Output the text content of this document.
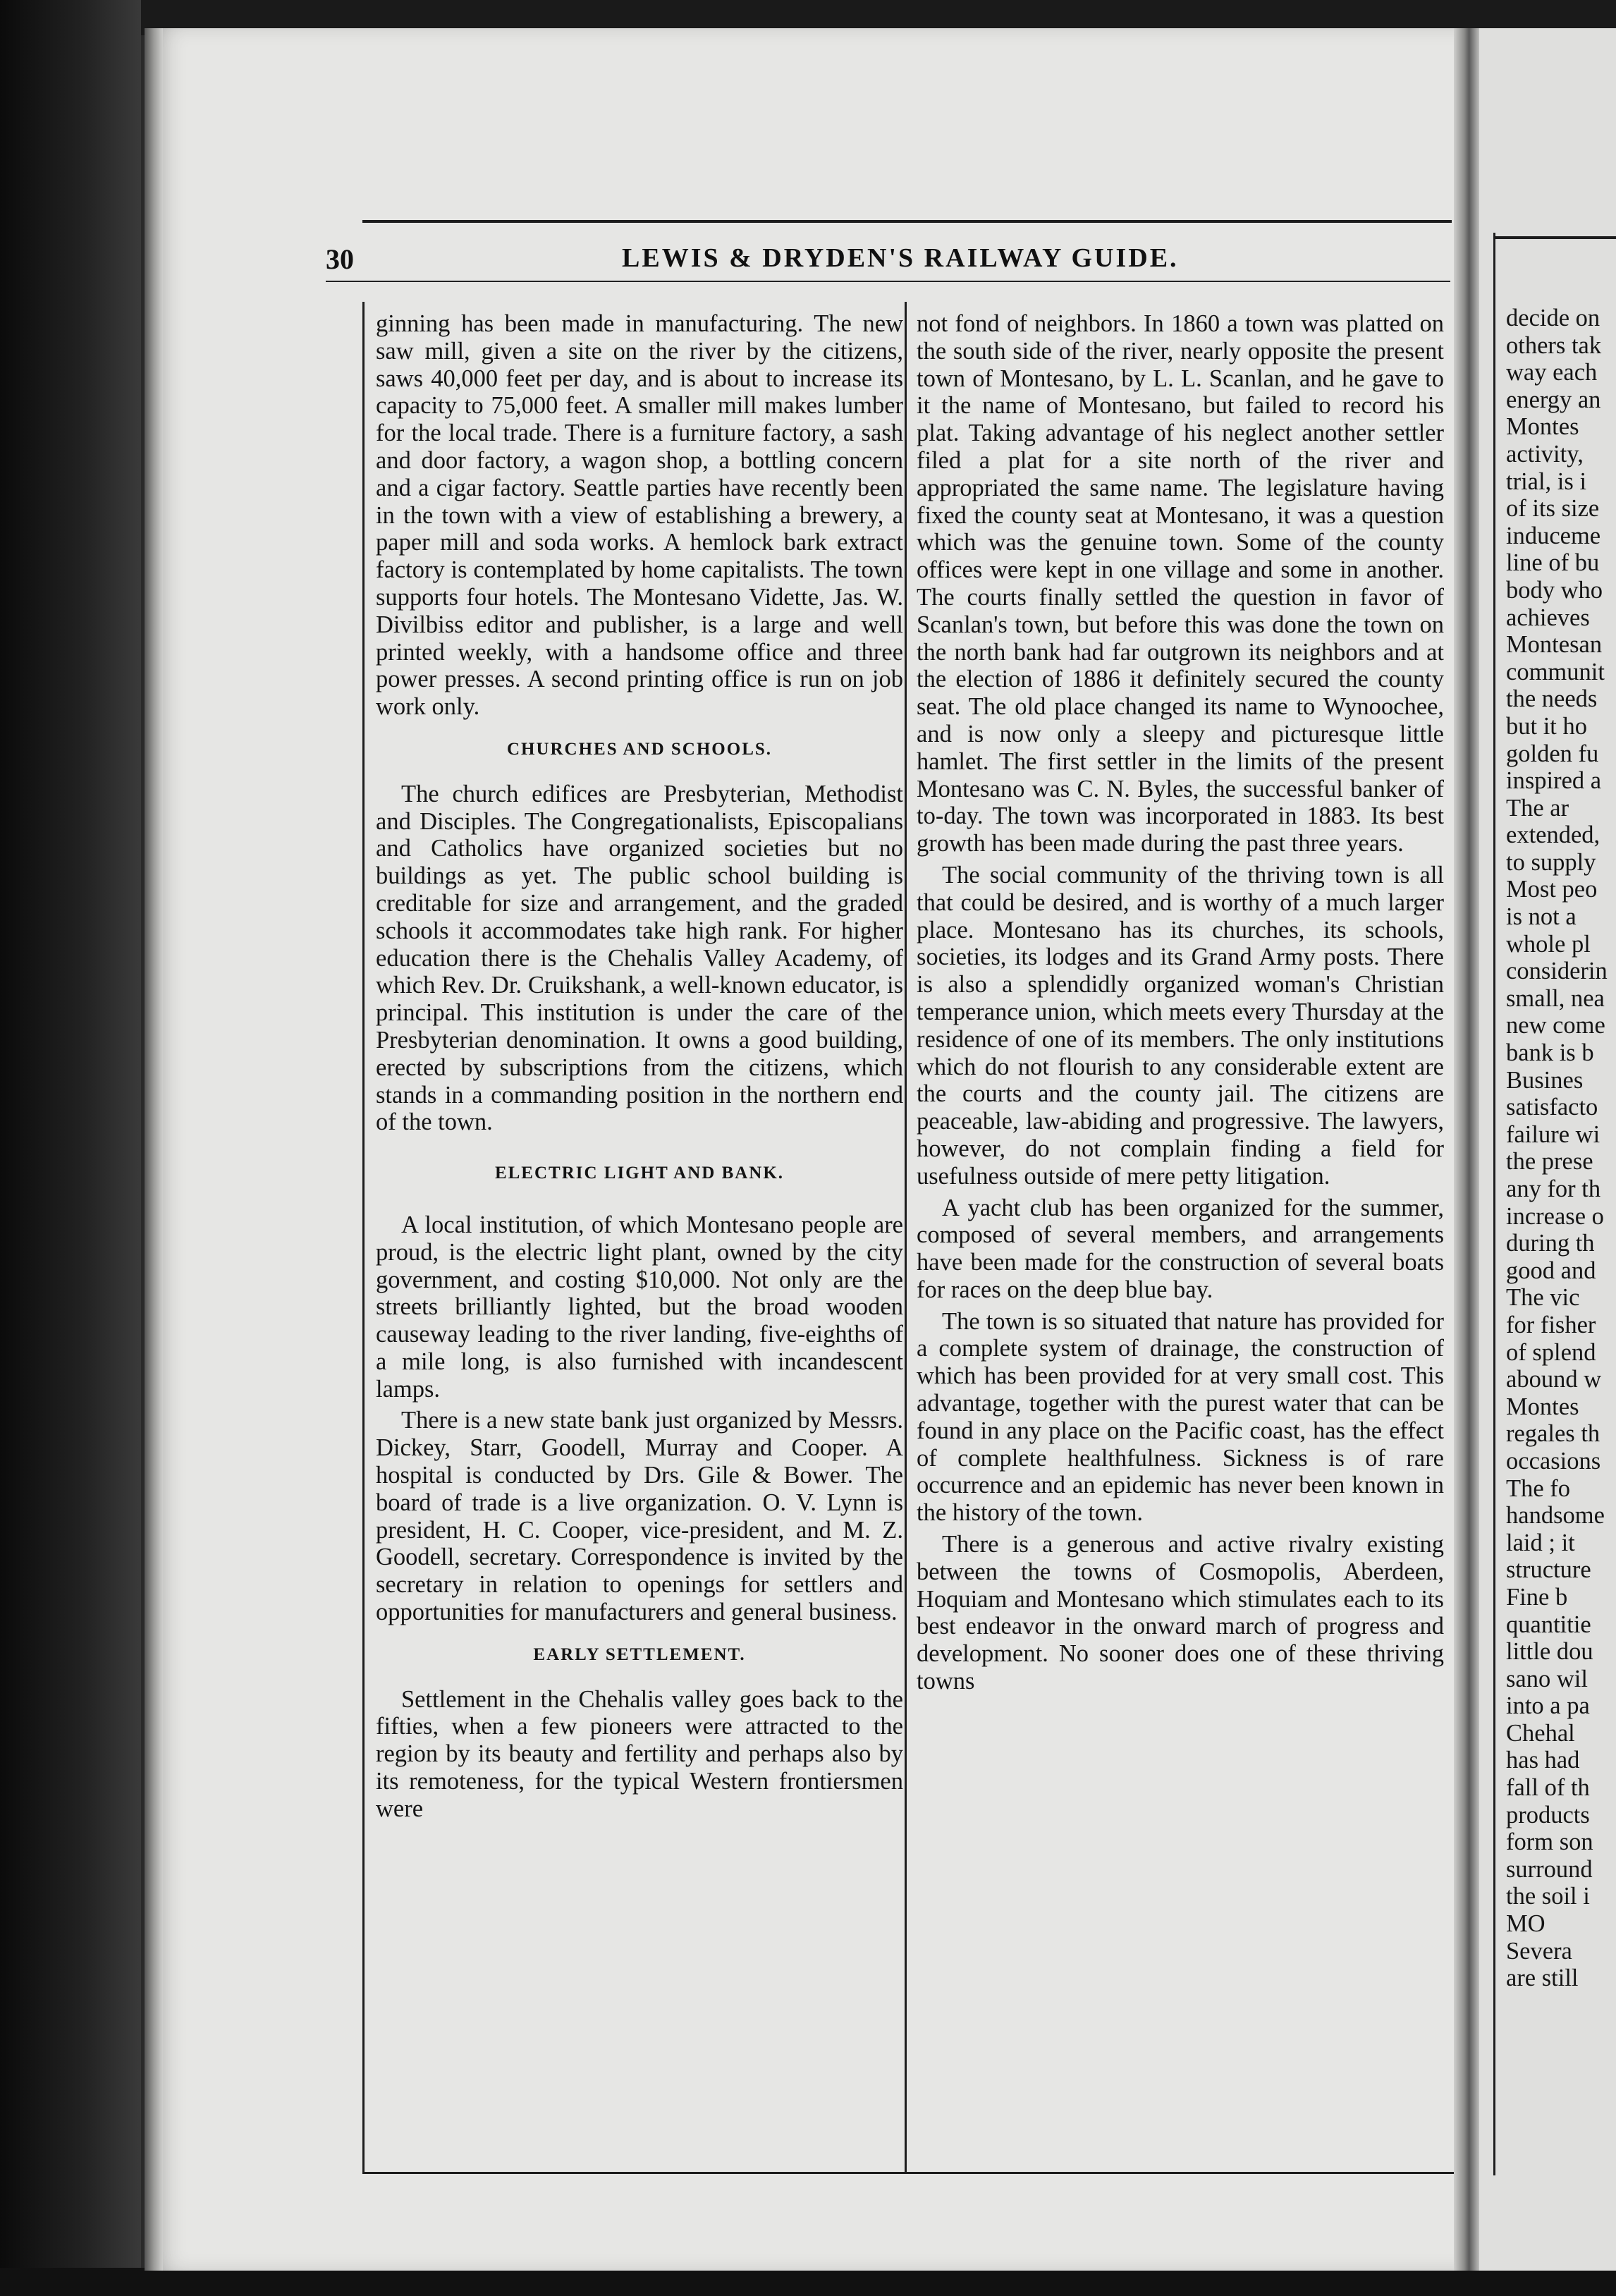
30	LEWIS & DRYDEN'S RAILWAY GUIDE.

ginning has been made in manufacturing. The new saw mill, given a site on the river by the citizens, saws 40,000 feet per day, and is about to increase its capacity to 75,000 feet. A smaller mill makes lumber for the local trade. There is a furniture factory, a sash and door factory, a wagon shop, a bottling concern and a cigar factory. Seattle parties have recently been in the town with a view of establishing a brewery, a paper mill and soda works. A hemlock bark extract factory is contemplated by home capitalists. The town supports four hotels. The Montesano Vidette, Jas. W. Divilbiss editor and publisher, is a large and well printed weekly, with a handsome office and three power presses. A second printing office is run on job work only.

CHURCHES AND SCHOOLS.

The church edifices are Presbyterian, Methodist and Disciples. The Congregationalists, Episcopalians and Catholics have organized societies but no buildings as yet. The public school building is creditable for size and arrangement, and the graded schools it accommodates take high rank. For higher education there is the Chehalis Valley Academy, of which Rev. Dr. Cruikshank, a well-known educator, is principal. This institution is under the care of the Presbyterian denomination. It owns a good building, erected by subscriptions from the citizens, which stands in a commanding position in the northern end of the town.

ELECTRIC LIGHT AND BANK.

A local institution, of which Montesano people are proud, is the electric light plant, owned by the city government, and costing $10,000. Not only are the streets brilliantly lighted, but the broad wooden causeway leading to the river landing, five-eighths of a mile long, is also furnished with incandescent lamps.

There is a new state bank just organized by Messrs. Dickey, Starr, Goodell, Murray and Cooper. A hospital is conducted by Drs. Gile & Bower. The board of trade is a live organization. O. V. Lynn is president, H. C. Cooper, vice-president, and M. Z. Goodell, secretary. Correspondence is invited by the secretary in relation to openings for settlers and opportunities for manufacturers and general business.

EARLY SETTLEMENT.

Settlement in the Chehalis valley goes back to the fifties, when a few pioneers were attracted to the region by its beauty and fertility and perhaps also by its remoteness, for the typical Western frontiersmen were

not fond of neighbors. In 1860 a town was platted on the south side of the river, nearly opposite the present town of Montesano, by L. L. Scanlan, and he gave to it the name of Montesano, but failed to record his plat. Taking advantage of his neglect another settler filed a plat for a site north of the river and appropriated the same name. The legislature having fixed the county seat at Montesano, it was a question which was the genuine town. Some of the county offices were kept in one village and some in another. The courts finally settled the question in favor of Scanlan's town, but before this was done the town on the north bank had far outgrown its neighbors and at the election of 1886 it definitely secured the county seat. The old place changed its name to Wynoochee, and is now only a sleepy and picturesque little hamlet. The first settler in the limits of the present Montesano was C. N. Byles, the successful banker of to-day. The town was incorporated in 1883. Its best growth has been made during the past three years.

The social community of the thriving town is all that could be desired, and is worthy of a much larger place. Montesano has its churches, its schools, societies, its lodges and its Grand Army posts. There is also a splendidly organized woman's Christian temperance union, which meets every Thursday at the residence of one of its members. The only institutions which do not flourish to any considerable extent are the courts and the county jail. The citizens are peaceable, law-abiding and progressive. The lawyers, however, do not complain finding a field for usefulness outside of mere petty litigation.

A yacht club has been organized for the summer, composed of several members, and arrangements have been made for the construction of several boats for races on the deep blue bay.

The town is so situated that nature has provided for a complete system of drainage, the construction of which has been provided for at very small cost. This advantage, together with the purest water that can be found in any place on the Pacific coast, has the effect of complete healthfulness. Sickness is of rare occurrence and an epidemic has never been known in the history of the town.

There is a generous and active rivalry existing between the towns of Cosmopolis, Aberdeen, Hoquiam and Montesano which stimulates each to its best endeavor in the onward march of progress and development. No sooner does one of these thriving towns

decide on
others tak
way each
energy an
Montes
activity,
trial, is i
of its size
induceme
line of bu
body who
achieves
Montesan
communit
the needs
but it ho
golden fu
inspired a
The ar
extended,
to supply
Most peo
is not a
whole pl
considerin
small, nea
new come
bank is b
Busines
satisfacto
failure wi
the prese
any for th
increase o
during th
good and
The vic
for fisher
of splend
abound w
Montes
regales th
occasions
The fo
handsome
laid ; it
structure
Fine b
quantitie
little dou
sano wil
into a pa
Chehal
has had
fall of th
products
form son
surround
the soil i
MO
Severa
are still
